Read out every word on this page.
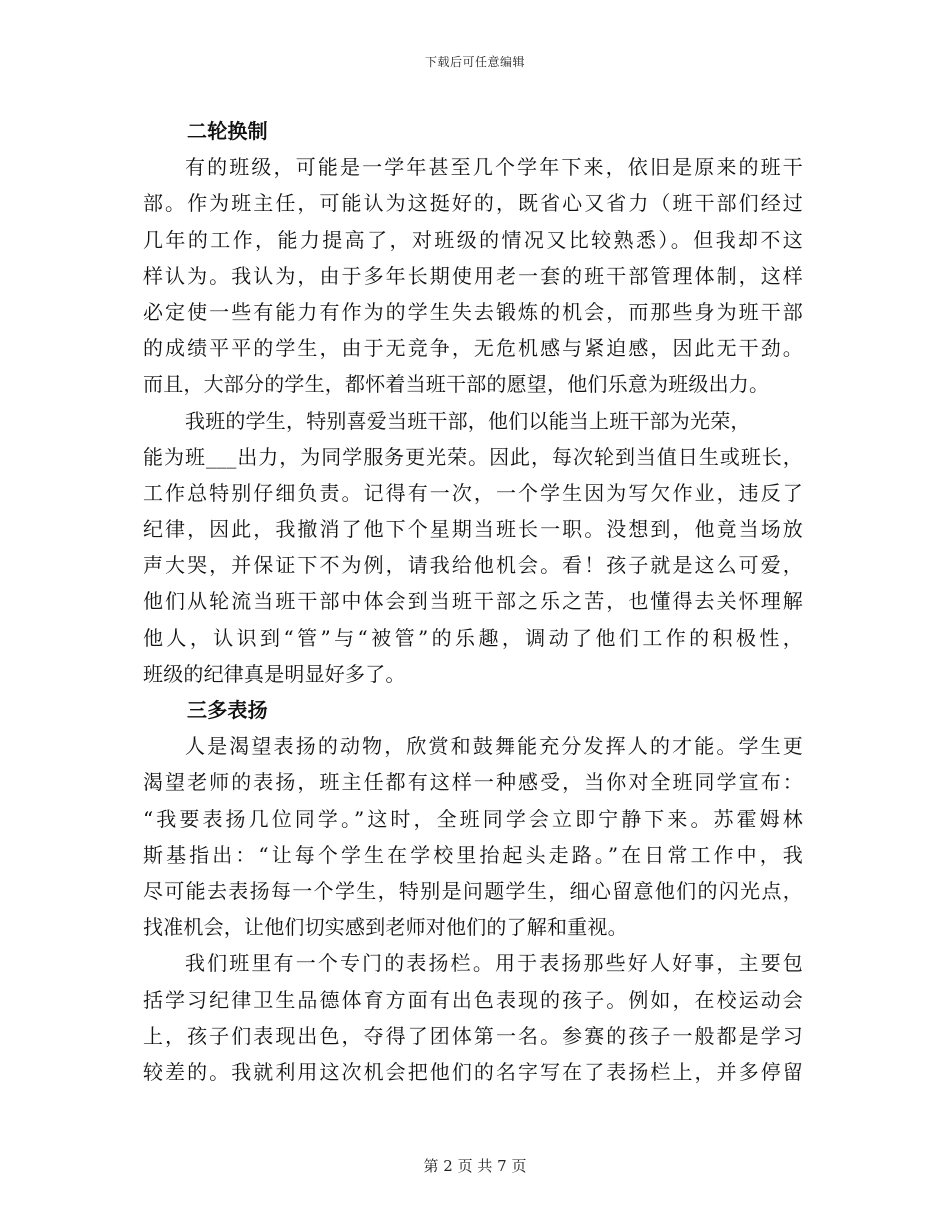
下载后可任意编辑
二轮换制
有的班级，可能是一学年甚至几个学年下来，依旧是原来的班干
部。作为班主任，可能认为这挺好的，既省心又省力（班干部们经过
几年的工作，能力提高了，对班级的情况又比较熟悉）。但我却不这
样认为。我认为，由于多年长期使用老一套的班干部管理体制，这样
必定使一些有能力有作为的学生失去锻炼的机会，而那些身为班干部
的成绩平平的学生，由于无竞争，无危机感与紧迫感，因此无干劲。
而且，大部分的学生，都怀着当班干部的愿望，他们乐意为班级出力。
我班的学生，特别喜爱当班干部，他们以能当上班干部为光荣，
能为班___出力，为同学服务更光荣。因此，每次轮到当值日生或班长，
工作总特别仔细负责。记得有一次，一个学生因为写欠作业，违反了
纪律，因此，我撤消了他下个星期当班长一职。没想到，他竟当场放
声大哭，并保证下不为例，请我给他机会。看！孩子就是这么可爱，
他们从轮流当班干部中体会到当班干部之乐之苦，也懂得去关怀理解
他人，认识到“管”与“被管”的乐趣，调动了他们工作的积极性，
班级的纪律真是明显好多了。
三多表扬
人是渴望表扬的动物，欣赏和鼓舞能充分发挥人的才能。学生更
渴望老师的表扬，班主任都有这样一种感受，当你对全班同学宣布：
“我要表扬几位同学。”这时，全班同学会立即宁静下来。苏霍姆林
斯基指出：“让每个学生在学校里抬起头走路。”在日常工作中，我
尽可能去表扬每一个学生，特别是问题学生，细心留意他们的闪光点，
找准机会，让他们切实感到老师对他们的了解和重视。
我们班里有一个专门的表扬栏。用于表扬那些好人好事，主要包
括学习纪律卫生品德体育方面有出色表现的孩子。例如，在校运动会
上，孩子们表现出色，夺得了团体第一名。参赛的孩子一般都是学习
较差的。我就利用这次机会把他们的名字写在了表扬栏上，并多停留
第 2 页 共 7 页
